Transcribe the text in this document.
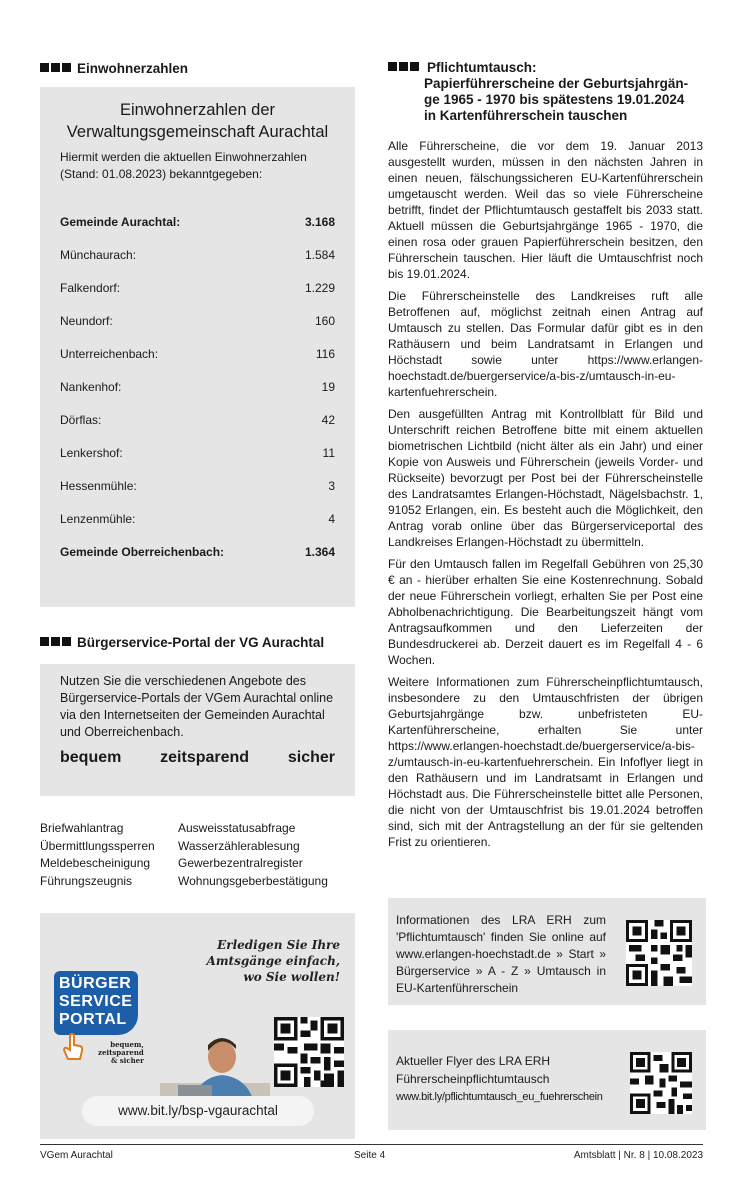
Einwohnerzahlen
Einwohnerzahlen der
Verwaltungsgemeinschaft Aurachtal
Hiermit werden die aktuellen Einwohnerzahlen (Stand: 01.08.2023) bekanntgegeben:
Gemeinde Aurachtal:	3.168
Münchaurach:	1.584
Falkendorf:	1.229
Neundorf:	160
Unterreichenbach:	116
Nankenhof:	19
Dörflas:	42
Lenkershof:	11
Hessenmühle:	3
Lenzenmühle:	4
Gemeinde Oberreichenbach:	1.364
Bürgerservice-Portal der VG Aurachtal
Nutzen Sie die verschiedenen Angebote des Bürgerservice-Portals der VGem Aurachtal online via den Internetseiten der Gemeinden Aurachtal und Oberreichenbach.
bequem zeitsparend sicher
Briefwahlantrag	Ausweisstatusabfrage
Übermittlungssperren	Wasserzählerablesung
Meldebescheinigung	Gewerbezentralregister
Führungszeugnis	Wohnungsgeberbestätigung
Erledigen Sie Ihre
Amtsgänge einfach,
wo Sie wollen!
BÜRGER
SERVICE
PORTAL
bequem,
zeitsparend
& sicher
www.bit.ly/bsp-vgaurachtal
Pflichtumtausch:
Papierführerscheine der Geburtsjahrgän-
ge 1965 - 1970 bis spätestens 19.01.2024
in Kartenführerschein tauschen

Alle Führerscheine, die vor dem 19. Januar 2013 ausgestellt wurden, müssen in den nächsten Jahren in einen neuen, fälschungssicheren EU-Kartenführerschein umgetauscht werden. Weil das so viele Führerscheine betrifft, findet der Pflichtumtausch gestaffelt bis 2033 statt. Aktuell müssen die Geburtsjahrgänge 1965 - 1970, die einen rosa oder grauen Papierführerschein besitzen, den Führerschein tauschen. Hier läuft die Umtauschfrist noch bis 19.01.2024.

Die Führerscheinstelle des Landkreises ruft alle Betroffenen auf, möglichst zeitnah einen Antrag auf Umtausch zu stellen. Das Formular dafür gibt es in den Rathäusern und beim Landratsamt in Erlangen und Höchstadt sowie unter https://www.erlangen-hoechstadt.de/buergerservice/a-bis-z/umtausch-in-eu-kartenfuehrerschein.

Den ausgefüllten Antrag mit Kontrollblatt für Bild und Unterschrift reichen Betroffene bitte mit einem aktuellen biometrischen Lichtbild (nicht älter als ein Jahr) und einer Kopie von Ausweis und Führerschein (jeweils Vorder- und Rückseite) bevorzugt per Post bei der Führerscheinstelle des Landratsamtes Erlangen-Höchstadt, Nägelsbachstr. 1, 91052 Erlangen, ein. Es besteht auch die Möglichkeit, den Antrag vorab online über das Bürgerserviceportal des Landkreises Erlangen-Höchstadt zu übermitteln.

Für den Umtausch fallen im Regelfall Gebühren von 25,30 € an - hierüber erhalten Sie eine Kostenrechnung. Sobald der neue Führerschein vorliegt, erhalten Sie per Post eine Abholbenachrichtigung. Die Bearbeitungszeit hängt vom Antragsaufkommen und den Lieferzeiten der Bundesdruckerei ab. Derzeit dauert es im Regelfall 4 - 6 Wochen.

Weitere Informationen zum Führerscheinpflichtumtausch, insbesondere zu den Umtauschfristen der übrigen Geburtsjahrgänge bzw. unbefristeten EU-Kartenführerscheine, erhalten Sie unter https://www.erlangen-hoechstadt.de/buergerservice/a-bis-z/umtausch-in-eu-kartenfuehrerschein. Ein Infoflyer liegt in den Rathäusern und im Landratsamt in Erlangen und Höchstadt aus. Die Führerscheinstelle bittet alle Personen, die nicht von der Umtauschfrist bis 19.01.2024 betroffen sind, sich mit der Antragstellung an der für sie geltenden Frist zu orientieren.

Informationen des LRA ERH zum 'Pflichtumtausch' finden Sie online auf www.erlangen-hoechstadt.de » Start » Bürgerservice » A - Z » Umtausch in EU-Kartenführerschein
Aktueller Flyer des LRA ERH
Führerscheinpflichtumtausch
www.bit.ly/pflichtumtausch_eu_fuehrerschein
VGem Aurachtal	Seite 4	Amtsblatt | Nr. 8 | 10.08.2023
